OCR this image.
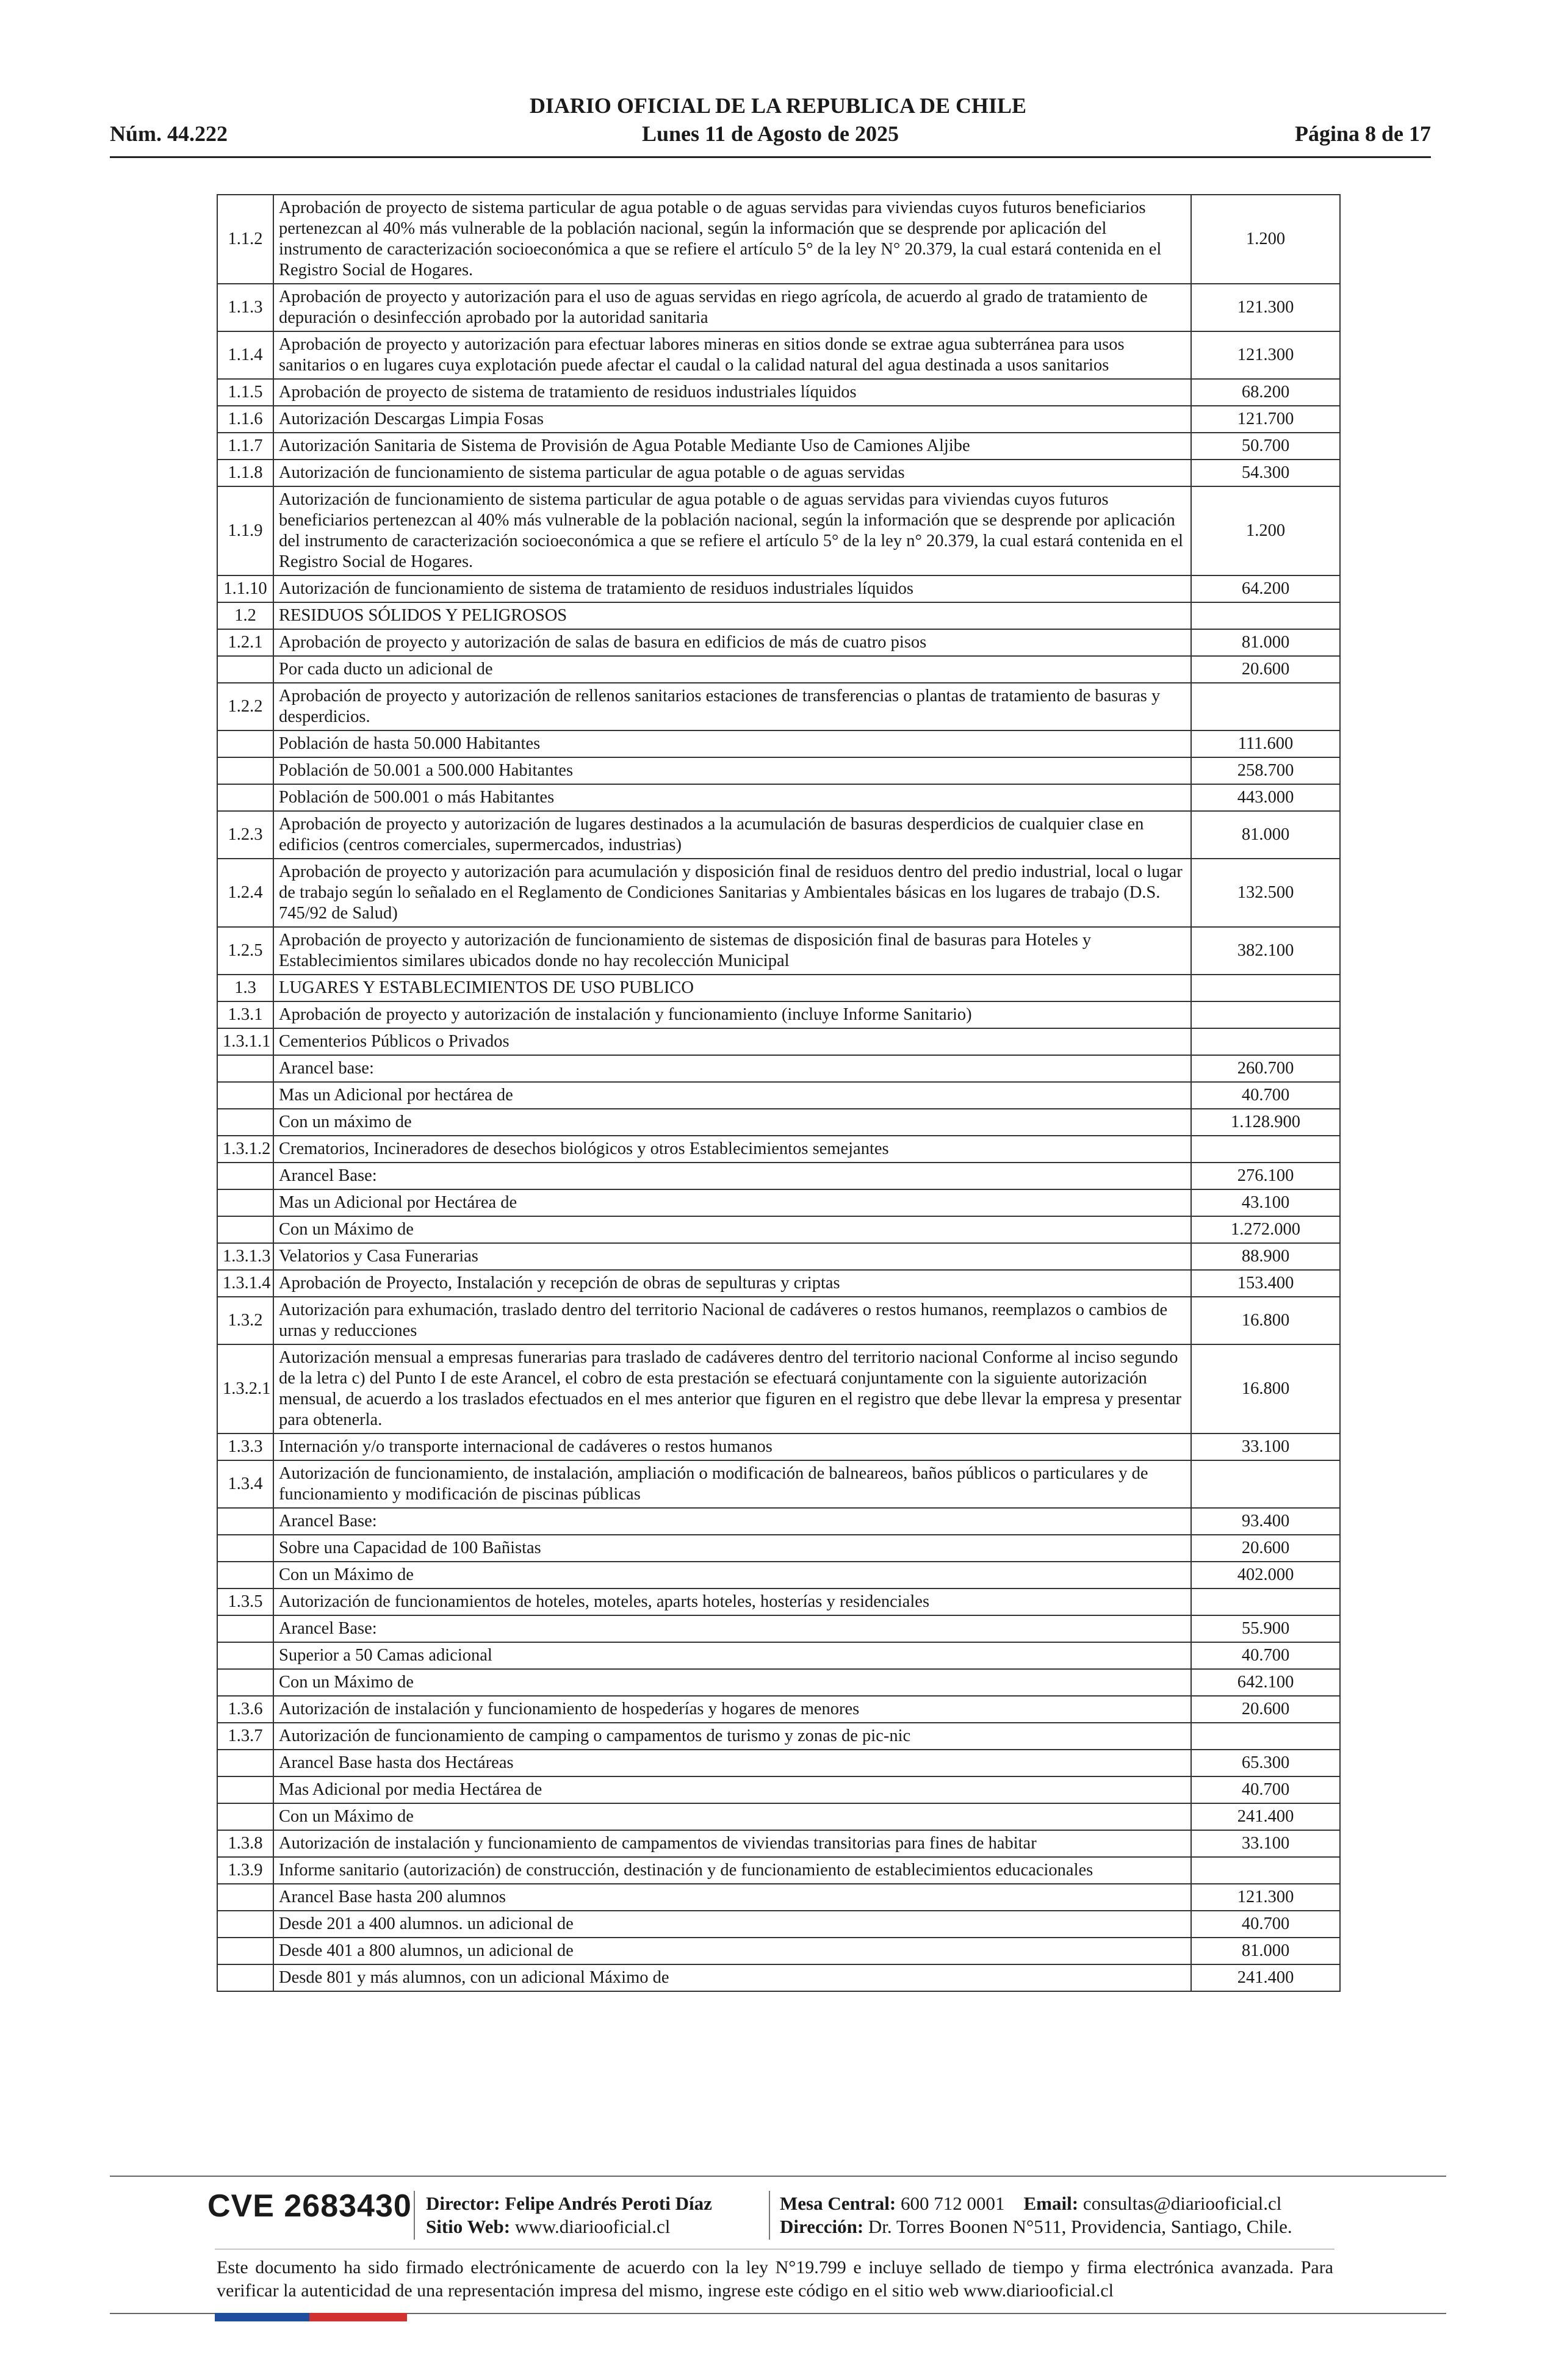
DIARIO OFICIAL DE LA REPUBLICA DE CHILE
Núm. 44.222	Lunes 11 de Agosto de 2025	Página 8 de 17
1.1.2	Aprobación de proyecto de sistema particular de agua potable o de aguas servidas para viviendas cuyos futuros beneficiarios pertenezcan al 40% más vulnerable de la población nacional, según la información que se desprende por aplicación del instrumento de caracterización socioeconómica a que se refiere el artículo 5° de la ley N° 20.379, la cual estará contenida en el Registro Social de Hogares.	1.200
1.1.3	Aprobación de proyecto y autorización para el uso de aguas servidas en riego agrícola, de acuerdo al grado de tratamiento de depuración o desinfección aprobado por la autoridad sanitaria	121.300
1.1.4	Aprobación de proyecto y autorización para efectuar labores mineras en sitios donde se extrae agua subterránea para usos sanitarios o en lugares cuya explotación puede afectar el caudal o la calidad natural del agua destinada a usos sanitarios	121.300
1.1.5	Aprobación de proyecto de sistema de tratamiento de residuos industriales líquidos	68.200
1.1.6	Autorización Descargas Limpia Fosas	121.700
1.1.7	Autorización Sanitaria de Sistema de Provisión de Agua Potable Mediante Uso de Camiones Aljibe	50.700
1.1.8	Autorización de funcionamiento de sistema particular de agua potable o de aguas servidas	54.300
1.1.9	Autorización de funcionamiento de sistema particular de agua potable o de aguas servidas para viviendas cuyos futuros beneficiarios pertenezcan al 40% más vulnerable de la población nacional, según la información que se desprende por aplicación del instrumento de caracterización socioeconómica a que se refiere el artículo 5° de la ley n° 20.379, la cual estará contenida en el Registro Social de Hogares.	1.200
1.1.10	Autorización de funcionamiento de sistema de tratamiento de residuos industriales líquidos	64.200
1.2	RESIDUOS SÓLIDOS Y PELIGROSOS	
1.2.1	Aprobación de proyecto y autorización de salas de basura en edificios de más de cuatro pisos	81.000
	Por cada ducto un adicional de	20.600
1.2.2	Aprobación de proyecto y autorización de rellenos sanitarios estaciones de transferencias o plantas de tratamiento de basuras y desperdicios.	
	Población de hasta 50.000 Habitantes	111.600
	Población de 50.001 a 500.000 Habitantes	258.700
	Población de 500.001 o más Habitantes	443.000
1.2.3	Aprobación de proyecto y autorización de lugares destinados a la acumulación de basuras desperdicios de cualquier clase en edificios (centros comerciales, supermercados, industrias)	81.000
1.2.4	Aprobación de proyecto y autorización para acumulación y disposición final de residuos dentro del predio industrial, local o lugar de trabajo según lo señalado en el Reglamento de Condiciones Sanitarias y Ambientales básicas en los lugares de trabajo (D.S. 745/92 de Salud)	132.500
1.2.5	Aprobación de proyecto y autorización de funcionamiento de sistemas de disposición final de basuras para Hoteles y Establecimientos similares ubicados donde no hay recolección Municipal	382.100
1.3	LUGARES Y ESTABLECIMIENTOS DE USO PUBLICO	
1.3.1	Aprobación de proyecto y autorización de instalación y funcionamiento (incluye Informe Sanitario)	
1.3.1.1	Cementerios Públicos o Privados	
	Arancel base:	260.700
	Mas un Adicional por hectárea de	40.700
	Con un máximo de	1.128.900
1.3.1.2	Crematorios, Incineradores de desechos biológicos y otros Establecimientos semejantes	
	Arancel Base:	276.100
	Mas un Adicional por Hectárea de	43.100
	Con un Máximo de	1.272.000
1.3.1.3	Velatorios y Casa Funerarias	88.900
1.3.1.4	Aprobación de Proyecto, Instalación y recepción de obras de sepulturas y criptas	153.400
1.3.2	Autorización para exhumación, traslado dentro del territorio Nacional de cadáveres o restos humanos, reemplazos o cambios de urnas y reducciones	16.800
1.3.2.1	Autorización mensual a empresas funerarias para traslado de cadáveres dentro del territorio nacional Conforme al inciso segundo de la letra c) del Punto I de este Arancel, el cobro de esta prestación se efectuará conjuntamente con la siguiente autorización mensual, de acuerdo a los traslados efectuados en el mes anterior que figuren en el registro que debe llevar la empresa y presentar para obtenerla.	16.800
1.3.3	Internación y/o transporte internacional de cadáveres o restos humanos	33.100
1.3.4	Autorización de funcionamiento, de instalación, ampliación o modificación de balneareos, baños públicos o particulares y de funcionamiento y modificación de piscinas públicas	
	Arancel Base:	93.400
	Sobre una Capacidad de 100 Bañistas	20.600
	Con un Máximo de	402.000
1.3.5	Autorización de funcionamientos de hoteles, moteles, aparts hoteles, hosterías y residenciales	
	Arancel Base:	55.900
	Superior a 50 Camas adicional	40.700
	Con un Máximo de	642.100
1.3.6	Autorización de instalación y funcionamiento de hospederías y hogares de menores	20.600
1.3.7	Autorización de funcionamiento de camping o campamentos de turismo y zonas de pic-nic	
	Arancel Base hasta dos Hectáreas	65.300
	Mas Adicional por media Hectárea de	40.700
	Con un Máximo de	241.400
1.3.8	Autorización de instalación y funcionamiento de campamentos de viviendas transitorias para fines de habitar	33.100
1.3.9	Informe sanitario (autorización) de construcción, destinación y de funcionamiento de establecimientos educacionales	
	Arancel Base hasta 200 alumnos	121.300
	Desde 201 a 400 alumnos. un adicional de	40.700
	Desde 401 a 800 alumnos, un adicional de	81.000
	Desde 801 y más alumnos, con un adicional Máximo de	241.400
CVE 2683430 Director: Felipe Andrés Peroti Díaz
Sitio Web: www.diariooficial.cl
Mesa Central: 600 712 0001 Email: consultas@diariooficial.cl
Dirección: Dr. Torres Boonen N°511, Providencia, Santiago, Chile.
Este documento ha sido firmado electrónicamente de acuerdo con la ley N°19.799 e incluye sellado de tiempo y firma electrónica avanzada. Para verificar la autenticidad de una representación impresa del mismo, ingrese este código en el sitio web www.diariooficial.cl
